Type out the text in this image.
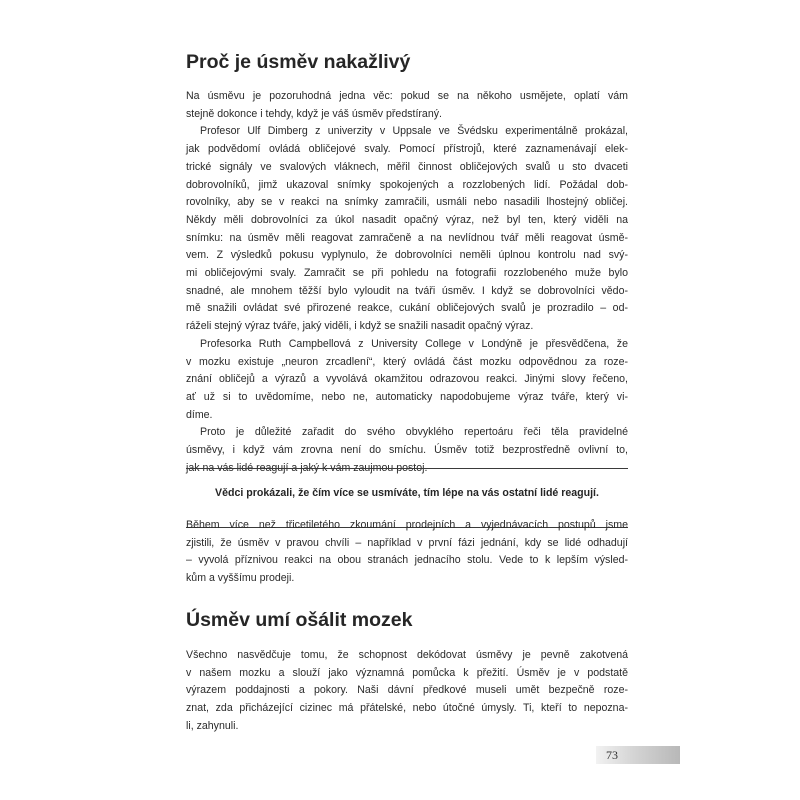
Proč je úsměv nakažlivý
Na úsměvu je pozoruhodná jedna věc: pokud se na někoho usmějete, oplatí vám
stejně dokonce i tehdy, když je váš úsměv předstíraný.
Profesor Ulf Dimberg z univerzity v Uppsale ve Švédsku experimentálně prokázal,
jak podvědomí ovládá obličejové svaly. Pomocí přístrojů, které zaznamenávají elek-
trické signály ve svalových vláknech, měřil činnost obličejových svalů u sto dvaceti
dobrovolníků, jimž ukazoval snímky spokojených a rozzlobených lidí. Požádal dob-
rovolníky, aby se v reakci na snímky zamračili, usmáli nebo nasadili lhostejný obličej.
Někdy měli dobrovolníci za úkol nasadit opačný výraz, než byl ten, který viděli na
snímku: na úsměv měli reagovat zamračeně a na nevlídnou tvář měli reagovat úsmě-
vem. Z výsledků pokusu vyplynulo, že dobrovolníci neměli úplnou kontrolu nad svý-
mi obličejovými svaly. Zamračit se při pohledu na fotografii rozzlobeného muže bylo
snadné, ale mnohem těžší bylo vyloudit na tváři úsměv. I když se dobrovolníci vědo-
mě snažili ovládat své přirozené reakce, cukání obličejových svalů je prozradilo – od-
ráželi stejný výraz tváře, jaký viděli, i když se snažili nasadit opačný výraz.
Profesorka Ruth Campbellová z University College v Londýně je přesvědčena, že
v mozku existuje „neuron zrcadlení“, který ovládá část mozku odpovědnou za roze-
znání obličejů a výrazů a vyvolává okamžitou odrazovou reakci. Jinými slovy řečeno,
ať už si to uvědomíme, nebo ne, automaticky napodobujeme výraz tváře, který vi-
díme.
Proto je důležité zařadit do svého obvyklého repertoáru řeči těla pravidelné
úsměvy, i když vám zrovna není do smíchu. Úsměv totiž bezprostředně ovlivní to,
jak na vás lidé reagují a jaký k vám zaujmou postoj.
Vědci prokázali, že čím více se usmíváte, tím lépe na vás ostatní lidé reagují.
Během více než třicetiletého zkoumání prodejních a vyjednávacích postupů jsme
zjistili, že úsměv v pravou chvíli – například v první fázi jednání, kdy se lidé odhadují
– vyvolá příznivou reakci na obou stranách jednacího stolu. Vede to k lepším výsled-
kům a vyššímu prodeji.
Úsměv umí ošálit mozek
Všechno nasvědčuje tomu, že schopnost dekódovat úsměvy je pevně zakotvená
v našem mozku a slouží jako významná pomůcka k přežití. Úsměv je v podstatě
výrazem poddajnosti a pokory. Naši dávní předkové museli umět bezpečně roze-
znat, zda přicházející cizinec má přátelské, nebo útočné úmysly. Ti, kteří to nepozna-
li, zahynuli.
73
